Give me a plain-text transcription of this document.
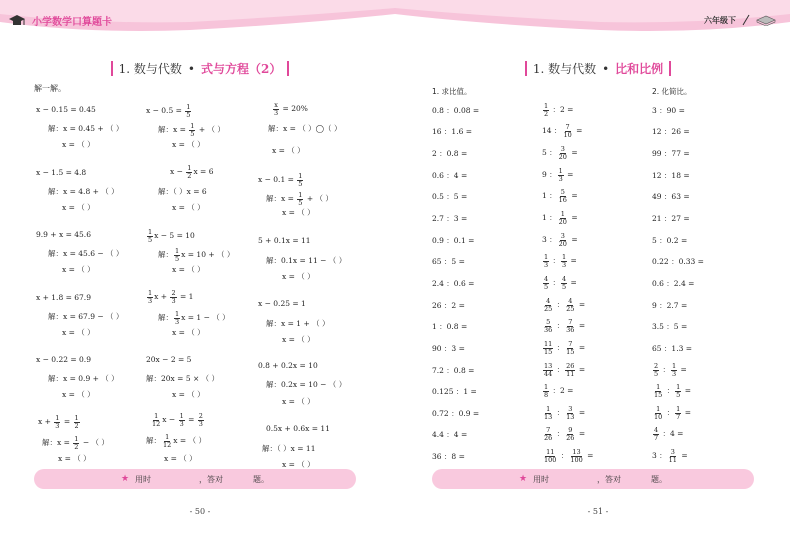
小学数学口算题卡	六年级下
1. 数与代数 • 式与方程（2）
解一解。
x − 0.15 = 0.45
解：x = 0.45 + （ ）
x = （ ）
x − 1.5 = 4.8
解：x = 4.8 + （ ）
x = （ ）
9.9 + x = 45.6
解：x = 45.6 − （ ）
x = （ ）
x + 1.8 = 67.9
解：x = 67.9 − （ ）
x = （ ）
x − 0.22 = 0.9
解：x = 0.9 + （ ）
x = （ ）
$x + \frac{1}{3} = \frac{1}{2}$
解：$x = \frac{1}{2}$ − （ ）
x = （ ）
$x - 0.5 = \frac{1}{5}$
解：$x = \frac{1}{5}$ + （ ）
x = （ ）
$x - \frac{1}{2}$ x = 6
解：（ ）x = 6
x = （ ）
$\frac{1}{5}$ x − 5 = 10
解： $\frac{1}{5}$ x = 10 + （ ）
x = （ ）
$\frac{1}{3}$ $x + \frac{2}{3} = 1$
解： $\frac{1}{3}$ x = 1 − （ ）
x = （ ）
20x − 2 = 5
解：20x = 5 × （ ）
x = （ ）
$\frac{1}{12}$ $x - \frac{1}{3} = \frac{2}{3}$
解： $\frac{1}{12}$ x = （ ）
x = （ ）
$\frac{x}{3} = 20\%$
解：x = （ ）◯（ ）
x = （ ）
$x - 0.1 = \frac{1}{5}$
解：$x = \frac{1}{5}$ + （ ）
x = （ ）
5 + 0.1x = 11
解：0.1x = 11 − （ ）
x = （ ）
x − 0.25 = 1
解：x = 1 + （ ）
x = （ ）
0.8 + 0.2x = 10
解：0.2x = 10 − （ ）
x = （ ）
0.5x + 0.6x = 11
解：（ ）x = 11
x = （ ）
★ 用时	，答对	题。
- 50 -
1. 数与代数 • 比和比例
1. 求比值。	2. 化简比。
0.8 ：0.08 =
16 ：1.6 =
2 ：0.8 =
0.6 ：4 =
0.5 ：5 =
2.7 ：3 =
0.9 ：0.1 =
65 ：5 =
2.4 ：0.6 =
26 ：2 =
1 ：0.8 =
90 ：3 =
7.2 ：0.8 =
0.125 ：1 =
0.72 ：0.9 =
4.4 ：4 =
36 ：8 =
$\frac{1}{2}$ ：2 =
14 ： $\frac{7}{10}$ =
5 ： $\frac{3}{20}$ =
9 ： $\frac{1}{3}$ =
1 ： $\frac{5}{16}$ =
1 ： $\frac{1}{20}$ =
3 ： $\frac{3}{20}$ =
$\frac{1}{3}$ ： $\frac{1}{3}$ =
$\frac{4}{5}$ ： $\frac{4}{5}$ =
$\frac{4}{25}$ ： $\frac{4}{25}$ =
$\frac{5}{36}$ ： $\frac{7}{36}$ =
$\frac{11}{15}$ ： $\frac{7}{15}$ =
$\frac{13}{44}$ ： $\frac{26}{11}$ =
$\frac{1}{8}$ ：2 =
$\frac{1}{13}$ ： $\frac{3}{13}$ =
$\frac{7}{26}$ ： $\frac{9}{26}$ =
$\frac{11}{100}$ ： $\frac{13}{100}$ =
3 ：90 =
12 ：26 =
99 ：77 =
12 ：18 =
49 ：63 =
21 ：27 =
5 ：0.2 =
0.22 ：0.33 =
0.6 ：2.4 =
9 ：2.7 =
3.5 ：5 =
65 ：1.3 =
$\frac{2}{5}$ ： $\frac{1}{3}$ =
$\frac{1}{15}$ ： $\frac{1}{5}$ =
$\frac{1}{10}$ ： $\frac{1}{7}$ =
$\frac{4}{7}$ ：4 =
3 ： $\frac{3}{11}$ =
★ 用时	，答对	题。
- 51 -
